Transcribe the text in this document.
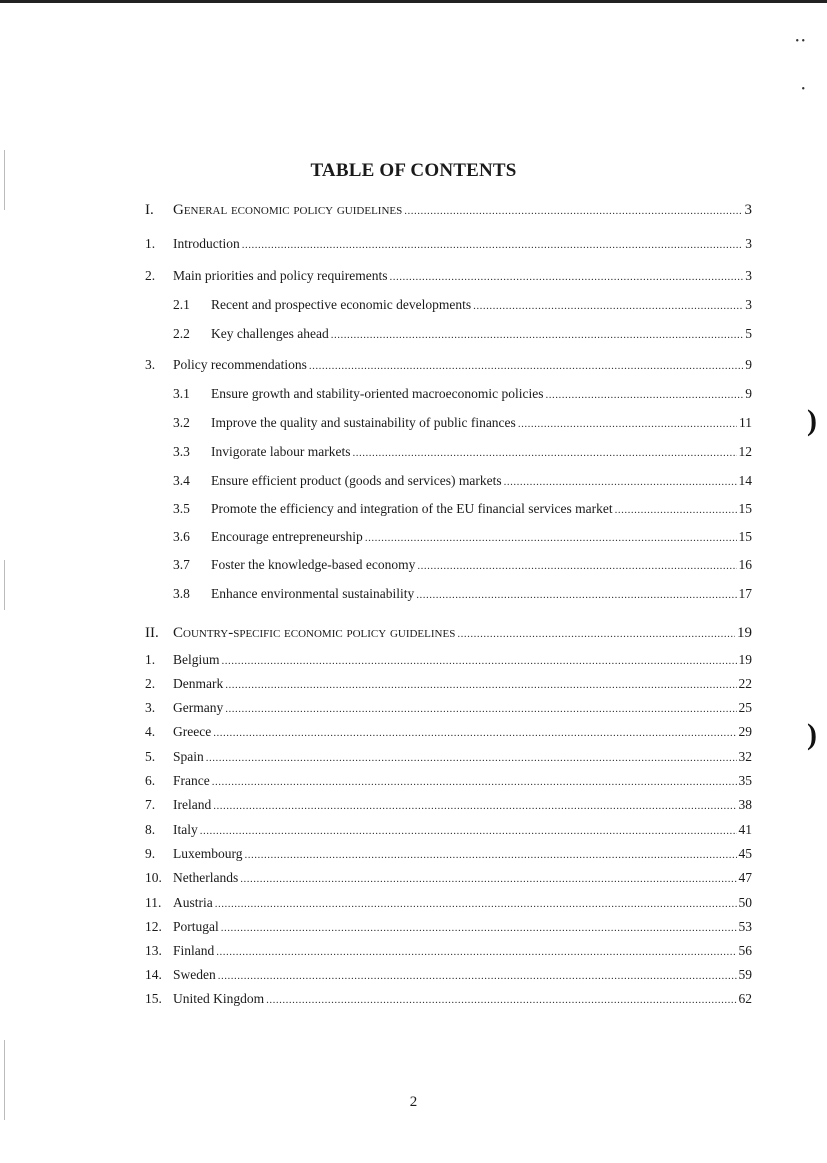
• •
•
)
)
TABLE OF CONTENTS
I.	General economic policy guidelines .....	3
1.	Introduction .....	3
2.	Main priorities and policy requirements .....	3
2.1	Recent and prospective economic developments .....	3
2.2	Key challenges ahead .....	5
3.	Policy recommendations .....	9
3.1	Ensure growth and stability-oriented macroeconomic policies .....	9
3.2	Improve the quality and sustainability of public finances .....	11
3.3	Invigorate labour markets .....	12
3.4	Ensure efficient product (goods and services) markets .....	14
3.5	Promote the efficiency and integration of the EU financial services market .....	15
3.6	Encourage entrepreneurship .....	15
3.7	Foster the knowledge-based economy .....	16
3.8	Enhance environmental sustainability .....	17
II. Country-specific economic policy guidelines .....	19
1.	Belgium .....	19
2.	Denmark .....	22
3.	Germany .....	25
4.	Greece .....	29
5.	Spain .....	32
6.	France .....	35
7.	Ireland .....	38
8.	Italy .....	41
9.	Luxembourg .....	45
10. Netherlands .....	47
11. Austria .....	50
12. Portugal .....	53
13. Finland .....	56
14. Sweden .....	59
15. United Kingdom .....	62
2
